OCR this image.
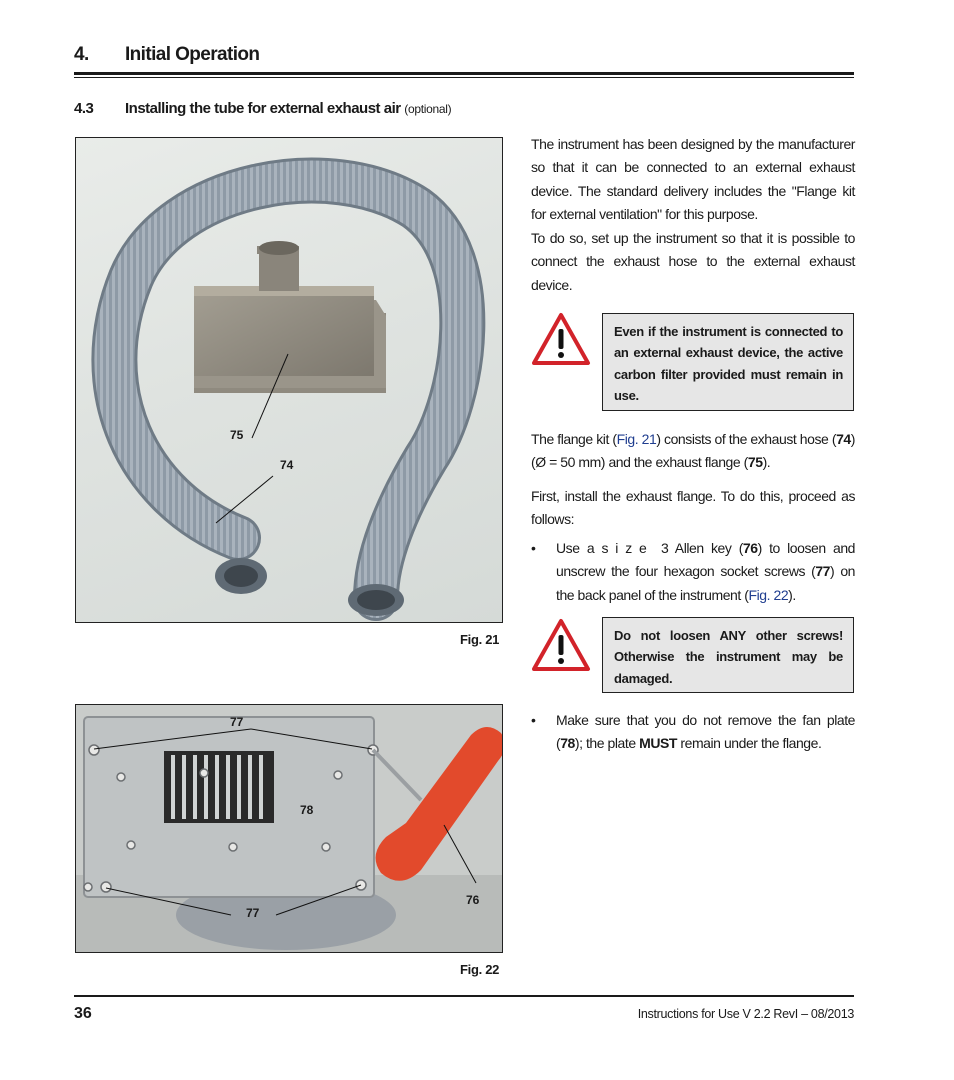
4. Initial Operation
4.3 Installing the tube for external exhaust air (optional)
75
74
Fig. 21
77
78
77
76
Fig. 22

The instrument has been designed by the manufacturer so that it can be connected to an external exhaust device. The standard delivery includes the "Flange kit for external ventilation" for this purpose.

To do so, set up the instrument so that it is possible to connect the exhaust hose to the external exhaust device.

Even if the instrument is connected to an external exhaust device, the active carbon filter provided must remain in use.

The flange kit (Fig. 21) consists of the exhaust hose (74) (Ø = 50 mm) and the exhaust flange (75).

First, install the exhaust flange. To do this, proceed as follows:

• Use a s i z e  3 Allen key (76) to loosen and unscrew the four hexagon socket screws (77) on the back panel of the instrument (Fig. 22).
Do not loosen ANY other screws! Otherwise the instrument may be damaged.
• Make sure that you do not remove the fan plate (78); the plate MUST remain under the flange.
36	Instructions for Use V 2.2 RevI – 08/2013
